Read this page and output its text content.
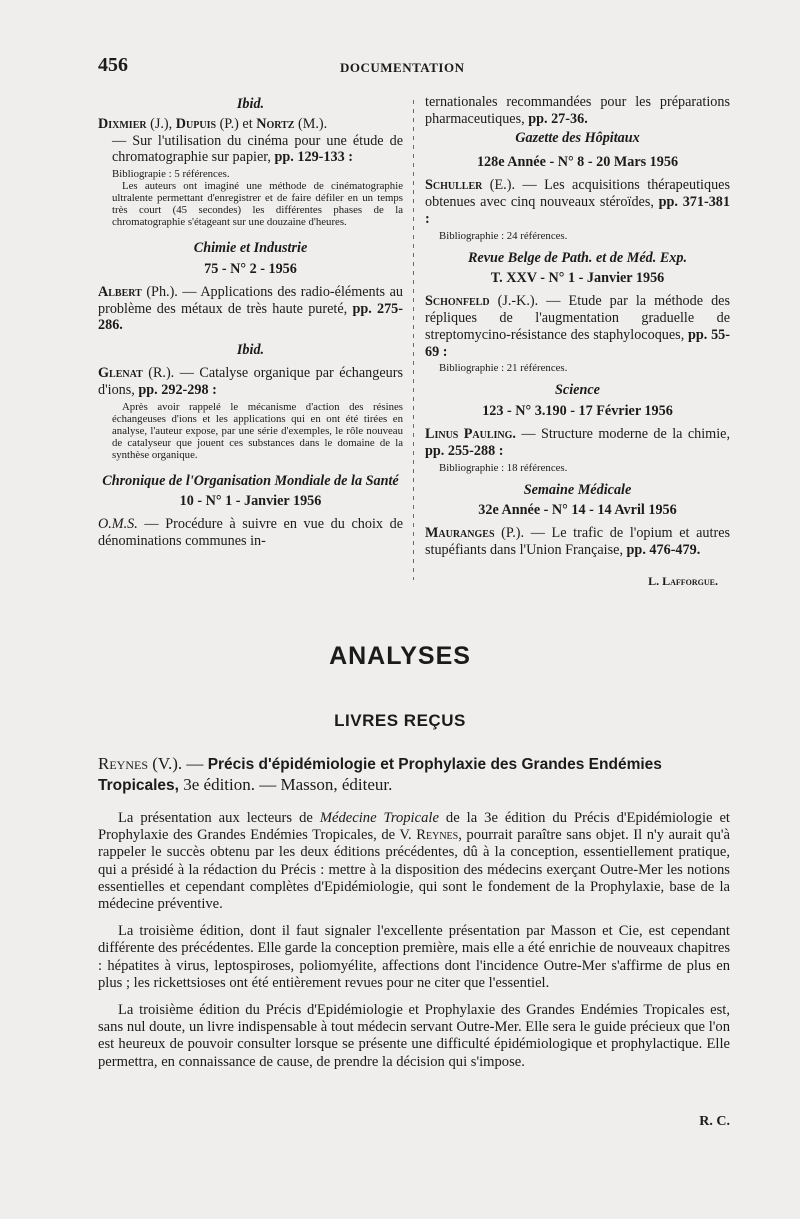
456	DOCUMENTATION
Ibid.
Dixmier (J.), Dupuis (P.) et Nortz (M.).
— Sur l'utilisation du cinéma pour une étude de chromatographie sur papier, pp. 129-133 :
Bibliograpie : 5 références.
Les auteurs ont imaginé une méthode de cinématographie ultralente permettant d'enregistrer et de faire défiler en un temps très court (45 secondes) les différentes phases de la chromatographie s'étageant sur une douzaine d'heures.
Chimie et Industrie
75 - N° 2 - 1956
Albert (Ph.). — Applications des radio-éléments au problème des métaux de très haute pureté, pp. 275-286.
Ibid.
Glenat (R.). — Catalyse organique par échangeurs d'ions, pp. 292-298 :
Après avoir rappelé le mécanisme d'action des résines échangeuses d'ions et les applications qui en ont été tirées en analyse, l'auteur expose, par une série d'exemples, le rôle nouveau de catalyseur que jouent ces substances dans le domaine de la synthèse organique.
Chronique de l'Organisation Mondiale de la Santé
10 - N° 1 - Janvier 1956
O.M.S. — Procédure à suivre en vue du choix de dénominations communes in-
ternationales recommandées pour les préparations pharmaceutiques, pp. 27-36.
Gazette des Hôpitaux
128e Année - N° 8 - 20 Mars 1956
Schuller (E.). — Les acquisitions thérapeutiques obtenues avec cinq nouveaux stéroïdes, pp. 371-381 :
Bibliographie : 24 références.
Revue Belge de Path. et de Méd. Exp.
T. XXV - N° 1 - Janvier 1956
Schonfeld (J.-K.). — Etude par la méthode des répliques de l'augmentation graduelle de streptomycino-résistance des staphylocoques, pp. 55-69 :
Bibliographie : 21 références.
Science
123 - N° 3.190 - 17 Février 1956
Linus Pauling. — Structure moderne de la chimie, pp. 255-288 :
Bibliographie : 18 références.
Semaine Médicale
32e Année - N° 14 - 14 Avril 1956
Mauranges (P.). — Le trafic de l'opium et autres stupéfiants dans l'Union Française, pp. 476-479.
L. Lafforgue.
ANALYSES
LIVRES REÇUS
Reynes (V.). — Précis d'épidémiologie et Prophylaxie des Grandes Endémies Tropicales, 3e édition. — Masson, éditeur.

La présentation aux lecteurs de Médecine Tropicale de la 3e édition du Précis d'Epidémiologie et Prophylaxie des Grandes Endémies Tropicales, de V. Reynes, pourrait paraître sans objet. Il n'y aurait qu'à rappeler le succès obtenu par les deux éditions précédentes, dû à la conception, essentiellement pratique, qui a présidé à la rédaction du Précis : mettre à la disposition des médecins exerçant Outre-Mer les notions essentielles et cependant complètes d'Epidémiologie, qui sont le fondement de la Prophylaxie, base de la médecine préventive.

La troisième édition, dont il faut signaler l'excellente présentation par Masson et Cie, est cependant différente des précédentes. Elle garde la conception première, mais elle a été enrichie de nouveaux chapitres : hépatites à virus, leptospiroses, poliomyélite, affections dont l'incidence Outre-Mer s'affirme de plus en plus ; les rickettsioses ont été entièrement revues pour ne citer que l'essentiel.

La troisième édition du Précis d'Epidémiologie et Prophylaxie des Grandes Endémies Tropicales est, sans nul doute, un livre indispensable à tout médecin servant Outre-Mer. Elle sera le guide précieux que l'on est heureux de pouvoir consulter lorsque se présente une difficulté épidémiologique et prophylactique. Elle permettra, en connaissance de cause, de prendre la décision qui s'impose.

R. C.
